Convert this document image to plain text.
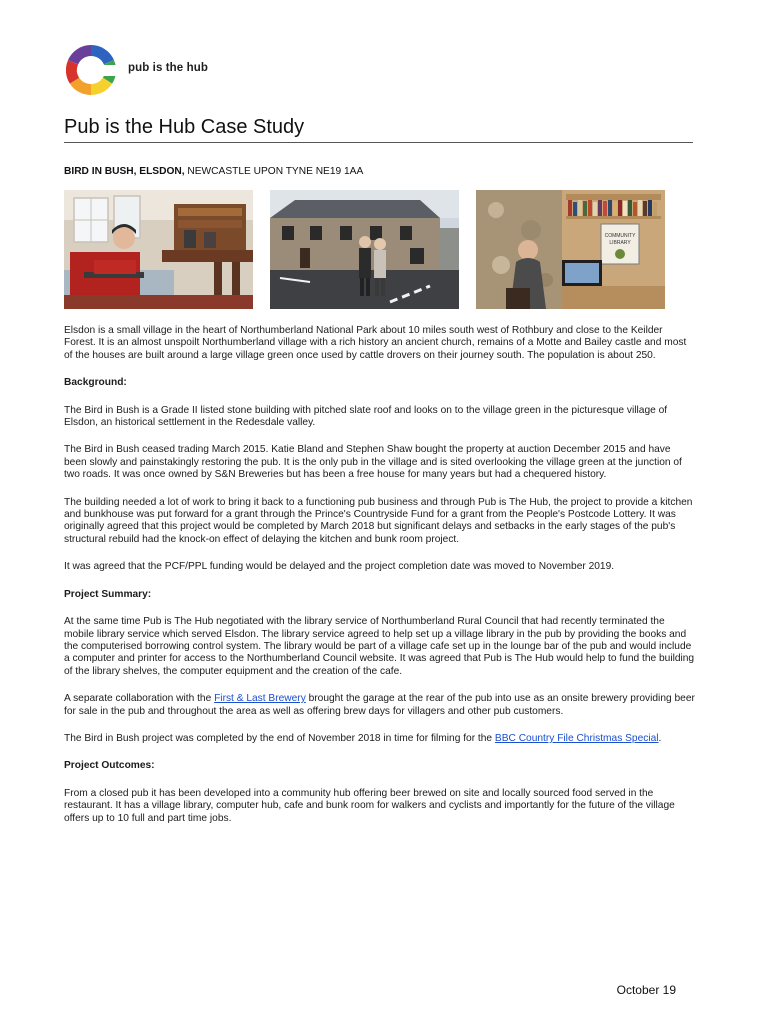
pub is the hub
Pub is the Hub Case Study
BIRD IN BUSH, ELSDON, NEWCASTLE UPON TYNE NE19 1AA
COMMUNITY
LIBRARY

Elsdon is a small village in the heart of Northumberland National Park about 10 miles south west of Rothbury and close to the Keilder Forest. It is an almost unspoilt Northumberland village with a rich history an ancient church, remains of a Motte and Bailey castle and most of the houses are built around a large village green once used by cattle drovers on their journey south. The population is about 250.

Background:

The Bird in Bush is a Grade II listed stone building with pitched slate roof and looks on to the village green in the picturesque village of Elsdon, an historical settlement in the Redesdale valley.

The Bird in Bush ceased trading March 2015. Katie Bland and Stephen Shaw bought the property at auction December 2015 and have been slowly and painstakingly restoring the pub. It is the only pub in the village and is sited overlooking the village green at the junction of two roads. It was once owned by S&N Breweries but has been a free house for many years but had a chequered history.

The building needed a lot of work to bring it back to a functioning pub business and through Pub is The Hub, the project to provide a kitchen and bunkhouse was put forward for a grant through the Prince's Countryside Fund for a grant from the People's Postcode Lottery. It was originally agreed that this project would be completed by March 2018 but significant delays and setbacks in the early stages of the pub's structural rebuild had the knock-on effect of delaying the kitchen and bunk room project.

It was agreed that the PCF/PPL funding would be delayed and the project completion date was moved to November 2019.

Project Summary:

At the same time Pub is The Hub negotiated with the library service of Northumberland Rural Council that had recently terminated the mobile library service which served Elsdon. The library service agreed to help set up a village library in the pub by providing the books and the computerised borrowing control system. The library would be part of a village cafe set up in the lounge bar of the pub and would include a computer and printer for access to the Northumberland Council website. It was agreed that Pub is The Hub would help to fund the building of the library shelves, the computer equipment and the creation of the cafe.

A separate collaboration with the First & Last Brewery brought the garage at the rear of the pub into use as an onsite brewery providing beer for sale in the pub and throughout the area as well as offering brew days for villagers and other pub customers.

The Bird in Bush project was completed by the end of November 2018 in time for filming for the BBC Country File Christmas Special.

Project Outcomes:

From a closed pub it has been developed into a community hub offering beer brewed on site and locally sourced food served in the restaurant. It has a village library, computer hub, cafe and bunk room for walkers and cyclists and importantly for the future of the village offers up to 10 full and part time jobs.

October 19
